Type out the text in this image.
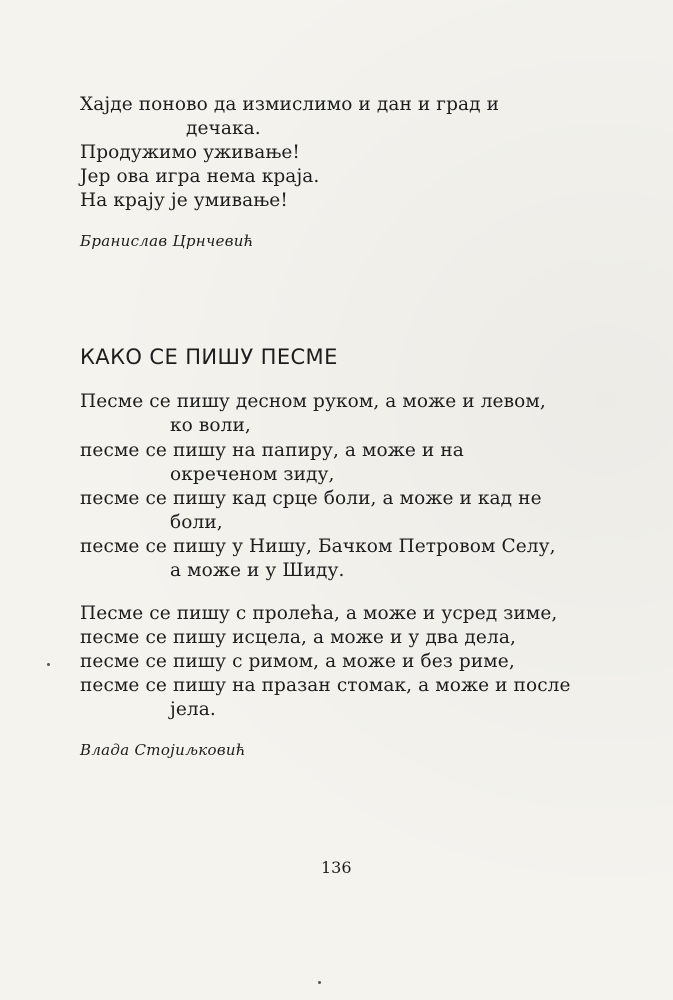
Хајде поново да измислимо и дан и град и
дечака.
Продужимо уживање!
Јер ова игра нема краја.
На крају је умивање!
Бранислав Црнчевић
КАКО СЕ ПИШУ ПЕСМЕ
Песме се пишу десном руком, а може и левом,
ко воли,
песме се пишу на папиру, а може и на
окреченом зиду,
песме се пишу кад срце боли, а може и кад не
боли,
песме се пишу у Нишу, Бачком Петровом Селу,
а може и у Шиду.
Песме се пишу с пролећа, а може и усред зиме,
песме се пишу исцела, а може и у два дела,
песме се пишу с римом, а може и без риме,
песме се пишу на празан стомак, а може и после
јела.
Влада Стојиљковић
136
